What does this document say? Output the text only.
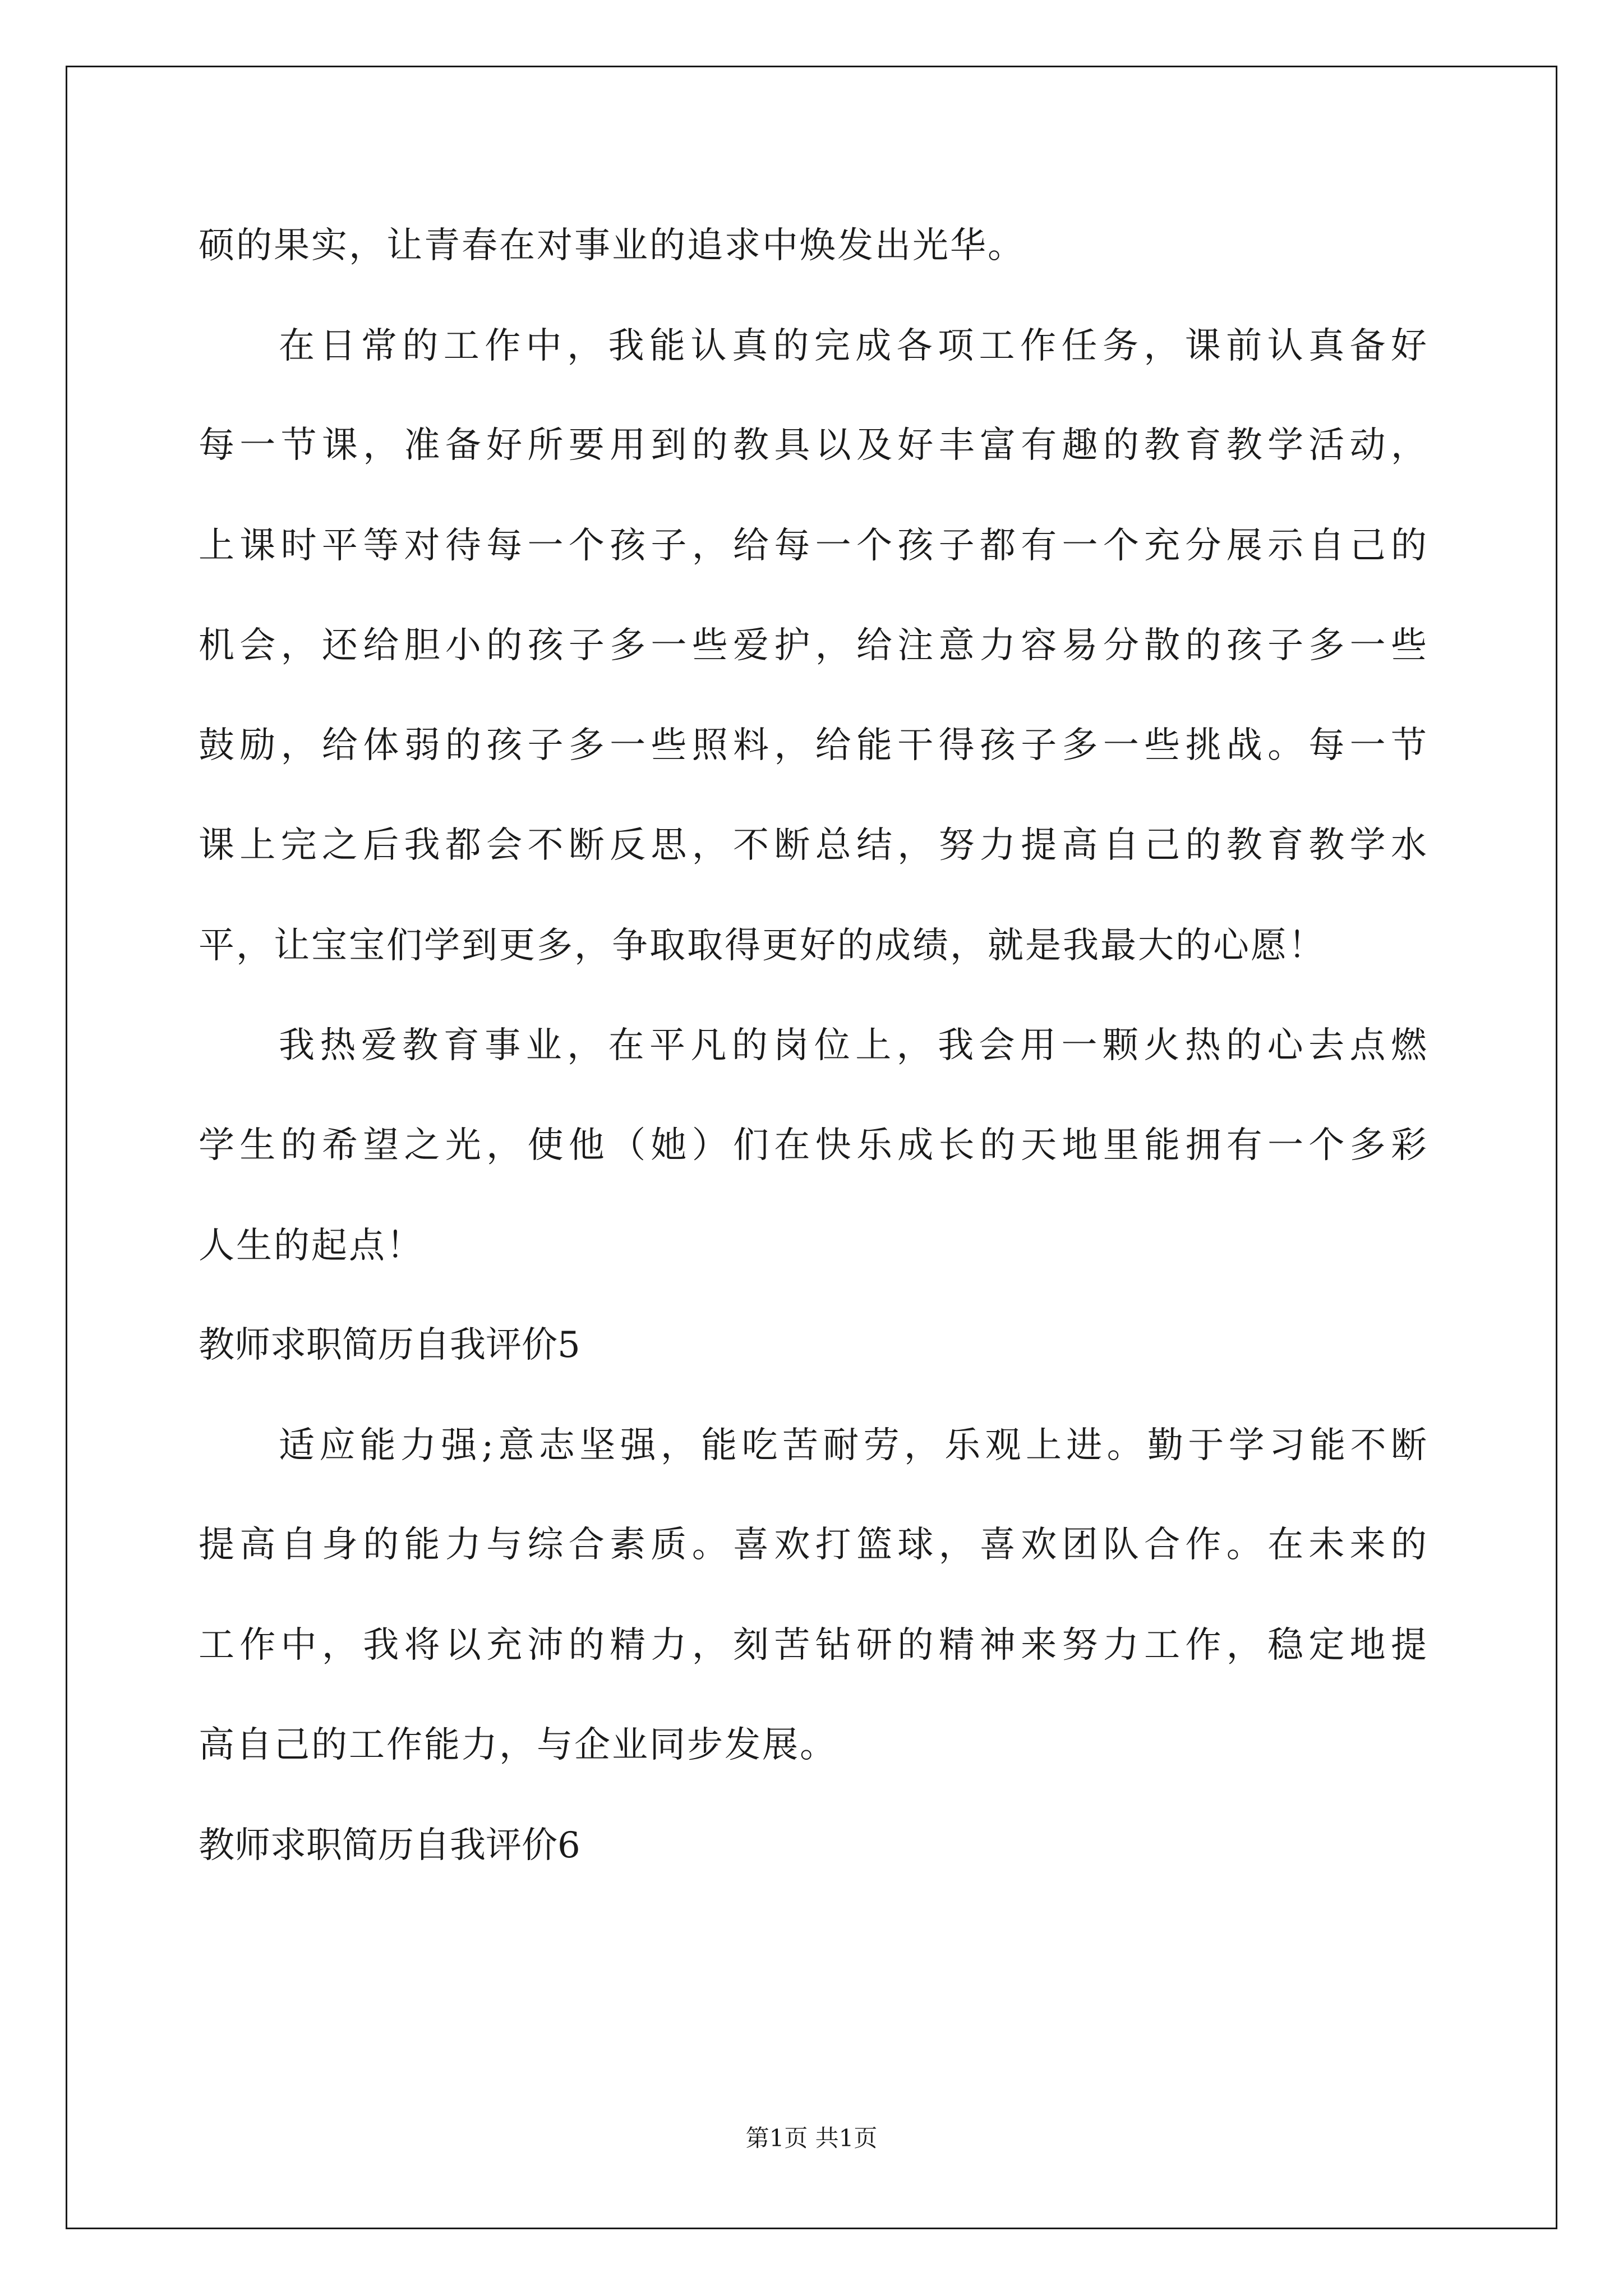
硕的果实，让青春在对事业的追求中焕发出光华。
在日常的工作中，我能认真的完成各项工作任务，课前认真备好
每一节课，准备好所要用到的教具以及好丰富有趣的教育教学活动，
上课时平等对待每一个孩子，给每一个孩子都有一个充分展示自己的
机会，还给胆小的孩子多一些爱护，给注意力容易分散的孩子多一些
鼓励，给体弱的孩子多一些照料，给能干得孩子多一些挑战。每一节
课上完之后我都会不断反思，不断总结，努力提高自己的教育教学水
平，让宝宝们学到更多，争取取得更好的成绩，就是我最大的心愿！
我热爱教育事业，在平凡的岗位上，我会用一颗火热的心去点燃
学生的希望之光，使他（她）们在快乐成长的天地里能拥有一个多彩
人生的起点！
教师求职简历自我评价5
适应能力强;意志坚强，能吃苦耐劳，乐观上进。勤于学习能不断
提高自身的能力与综合素质。喜欢打篮球，喜欢团队合作。在未来的
工作中，我将以充沛的精力，刻苦钻研的精神来努力工作，稳定地提
高自己的工作能力，与企业同步发展。
教师求职简历自我评价6
第1页 共1页
